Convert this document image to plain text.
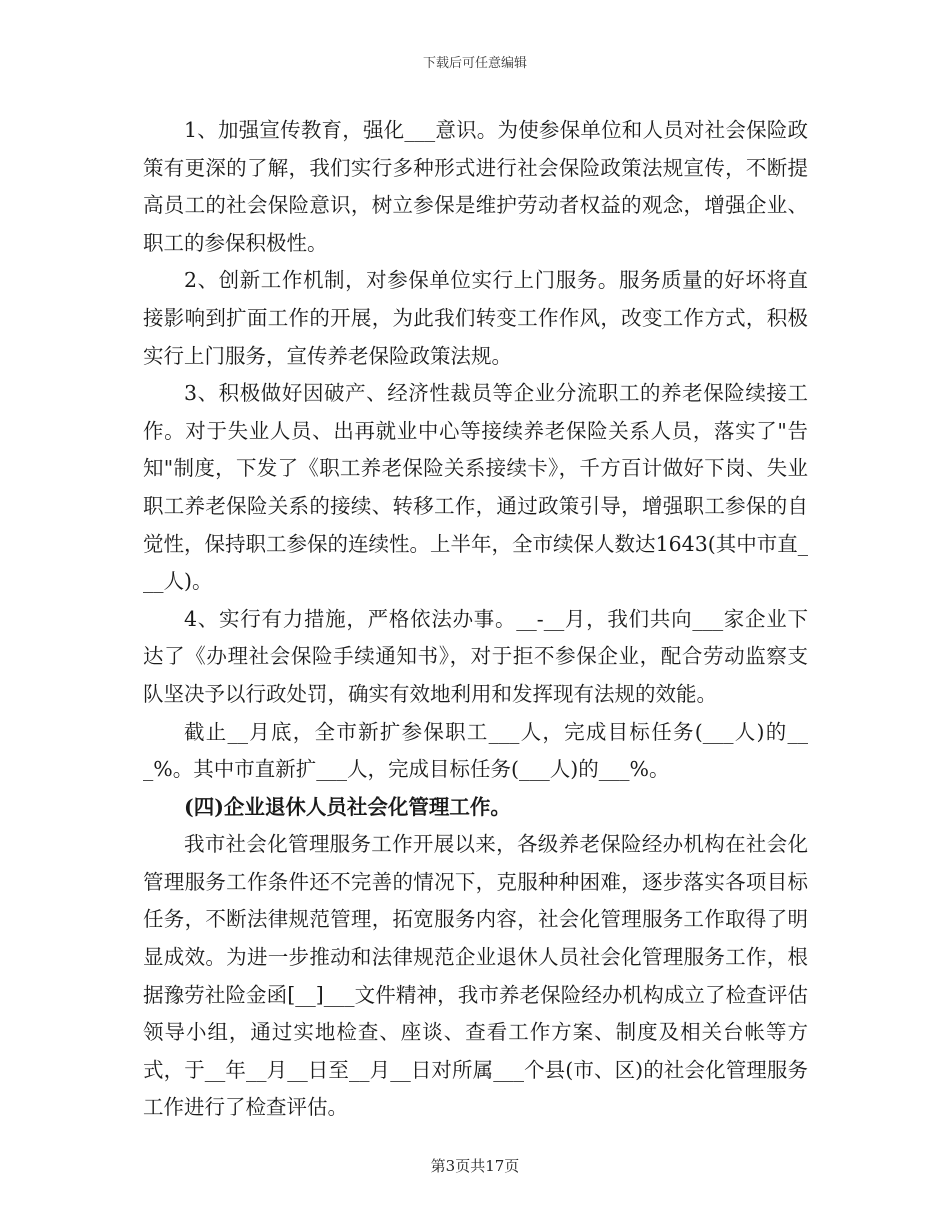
下载后可任意编辑

1、加强宣传教育，强化___意识。为使参保单位和人员对社会保险政策有更深的了解，我们实行多种形式进行社会保险政策法规宣传，不断提高员工的社会保险意识，树立参保是维护劳动者权益的观念，增强企业、职工的参保积极性。

2、创新工作机制，对参保单位实行上门服务。服务质量的好坏将直接影响到扩面工作的开展，为此我们转变工作作风，改变工作方式，积极实行上门服务，宣传养老保险政策法规。

3、积极做好因破产、经济性裁员等企业分流职工的养老保险续接工作。对于失业人员、出再就业中心等接续养老保险关系人员，落实了"告知"制度，下发了《职工养老保险关系接续卡》，千方百计做好下岗、失业职工养老保险关系的接续、转移工作，通过政策引导，增强职工参保的自觉性，保持职工参保的连续性。上半年，全市续保人数达1643(其中市直___人)。

4、实行有力措施，严格依法办事。__-__月，我们共向___家企业下达了《办理社会保险手续通知书》，对于拒不参保企业，配合劳动监察支队坚决予以行政处罚，确实有效地利用和发挥现有法规的效能。

截止__月底，全市新扩参保职工___人，完成目标任务(___人)的___%。其中市直新扩___人，完成目标任务(___人)的___%。

(四)企业退休人员社会化管理工作。

我市社会化管理服务工作开展以来，各级养老保险经办机构在社会化管理服务工作条件还不完善的情况下，克服种种困难，逐步落实各项目标任务，不断法律规范管理，拓宽服务内容，社会化管理服务工作取得了明显成效。为进一步推动和法律规范企业退休人员社会化管理服务工作，根据豫劳社险金函[__]___文件精神，我市养老保险经办机构成立了检查评估领导小组，通过实地检查、座谈、查看工作方案、制度及相关台帐等方式，于__年__月__日至__月__日对所属___个县(市、区)的社会化管理服务工作进行了检查评估。

第3页共17页
